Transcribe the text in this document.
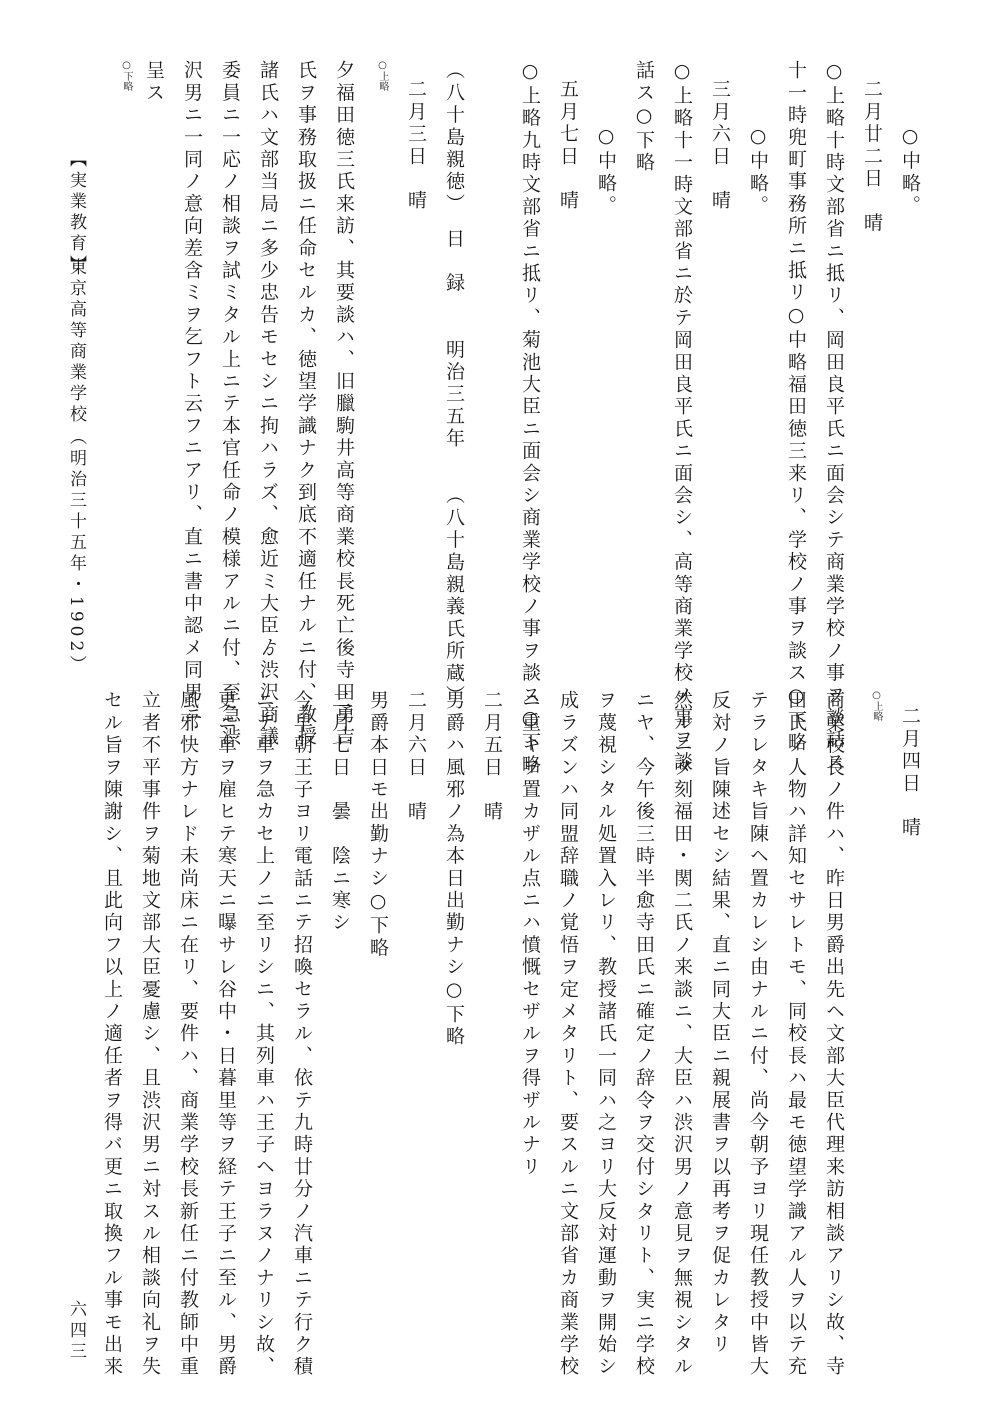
　○中略。
二月廿二日　晴
○上略十時文部省ニ抵リ、岡田良平氏ニ面会シテ商業学校ノ事ヲ談話ス
十一時兜町事務所ニ抵リ○中略福田徳三来リ、学校ノ事ヲ談ス○下略
　○中略。
三月六日　晴
○上略十一時文部省ニ於テ岡田良平氏ニ面会シ、高等商業学校ノ事ヲ談
話ス○下略
　○中略。
五月七日　晴
○上略九時文部省ニ抵リ、菊池大臣ニ面会シ商業学校ノ事ヲ談ス○下略
（八十島親徳）　日　録　　明治三五年　　（八十島親義氏所蔵）
二月三日　晴
○上略
夕福田徳三氏来訪、其要談ハ、旧臘駒井高等商業校長死亡後寺田勇吉
氏ヲ事務取扱ニ任命セルカ、徳望学識ナク到底不適任ナルニ付、教授
諸氏ハ文部当局ニ多少忠告モセシニ拘ハラズ、愈近ミ大臣ゟ渋沢商議
委員ニ一応ノ相談ヲ試ミタル上ニテ本官任命ノ模様アルニ付、至急渋
沢男ニ一同ノ意向差含ミヲ乞フト云フニアリ、直ニ書中認メ同男ニ
呈ス
○下略
二月四日　晴
○上略
商業校長ノ件ハ、昨日男爵出先ヘ文部大臣代理来訪相談アリシ故、寺
田氏ノ人物ハ詳知セサレトモ、同校長ハ最モ徳望学識アル人ヲ以テ充
テラレタキ旨陳ヘ置カレシ由ナルニ付、尚今朝予ヨリ現任教授中皆大
反対ノ旨陳述セシ結果、直ニ同大臣ニ親展書ヲ以再考ヲ促カレタリ
然ルニタ刻福田・関二氏ノ来談ニ、大臣ハ渋沢男ノ意見ヲ無視シタル
ニヤ、今午後三時半愈寺田氏ニ確定ノ辞令ヲ交付シタリト、実ニ学校
ヲ蔑視シタル処置入レリ、教授諸氏一同ハ之ヨリ大反対運動ヲ開始シ
成ラズンハ同盟辞職ノ覚悟ヲ定メタリト、要スルニ文部省カ商業学校
ニ重キヲ置カザル点ニハ憤慨セザルヲ得ザルナリ
二月五日　晴
男爵ハ風邪ノ為本日出勤ナシ○下略
二月六日　晴
男爵本日モ出勤ナシ○下略
二月七日　曇　陰ニ寒シ
今早朝王子ヨリ電話ニテ招喚セラル、依テ九時廿分ノ汽車ニテ行ク積
ニテ車ヲ急カセ上ノニ至リシニ、其列車ハ王子ヘヨラヌノナリシ故、
更ニ車ヲ雇ヒテ寒天ニ曝サレ谷中・日暮里等ヲ経テ王子ニ至ル、男爵
風邪快方ナレド未尚床ニ在リ、要件ハ、商業学校長新任ニ付教師中重
立者不平事件ヲ菊地文部大臣憂慮シ、且渋沢男ニ対スル相談向礼ヲ失
セル旨ヲ陳謝シ、且此向フ以上ノ適任者ヲ得バ更ニ取換フル事モ出来
【実業教育】
東京高等商業学校
（明治三十五年・1902）
六四三
